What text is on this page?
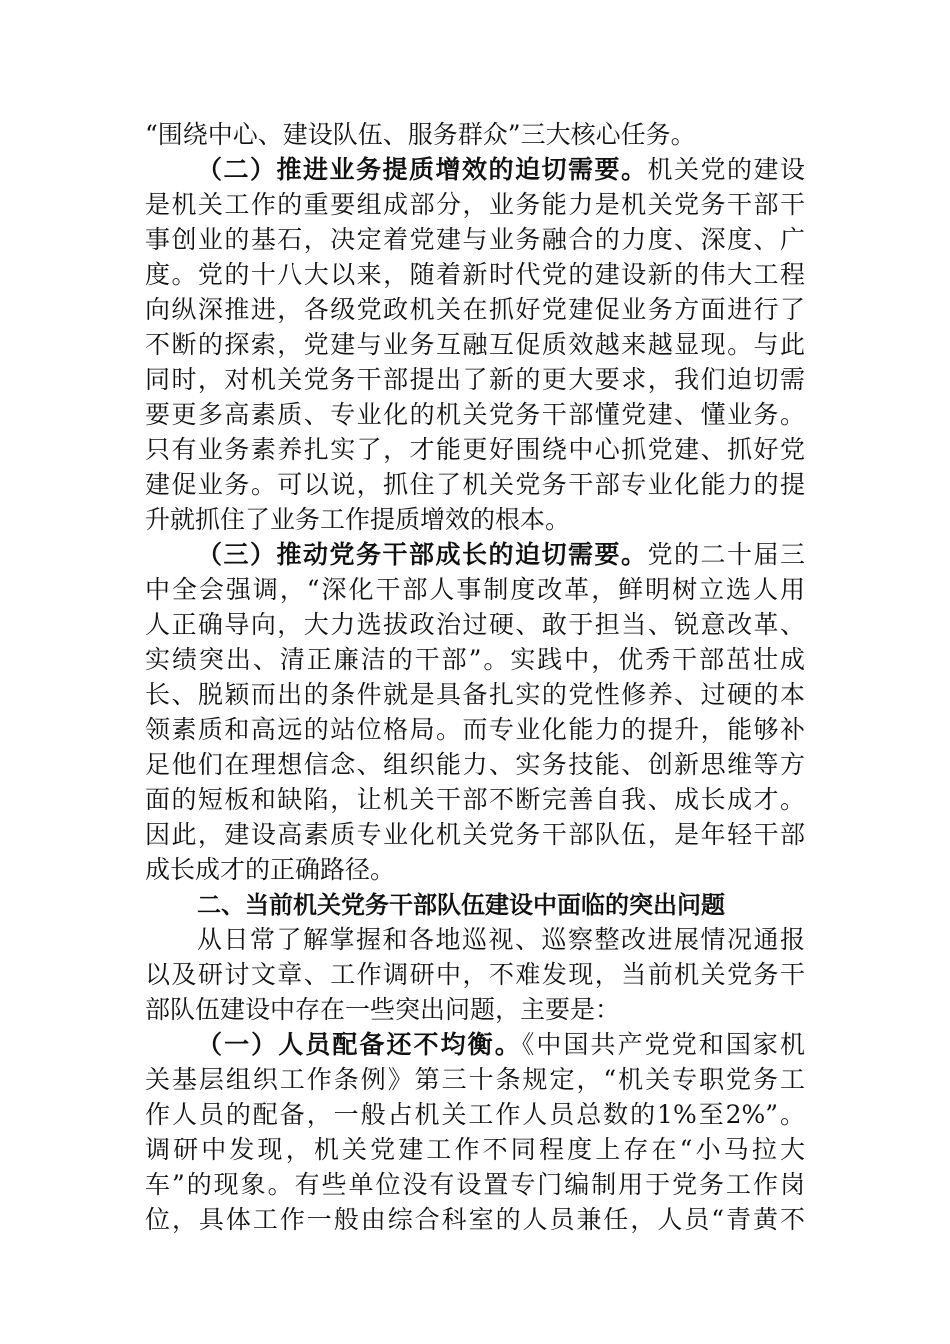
“围绕中心、建设队伍、服务群众”三大核心任务。
（二）推进业务提质增效的迫切需要。机关党的建设
是机关工作的重要组成部分，业务能力是机关党务干部干
事创业的基石，决定着党建与业务融合的力度、深度、广
度。党的十八大以来，随着新时代党的建设新的伟大工程
向纵深推进，各级党政机关在抓好党建促业务方面进行了
不断的探索，党建与业务互融互促质效越来越显现。与此
同时，对机关党务干部提出了新的更大要求，我们迫切需
要更多高素质、专业化的机关党务干部懂党建、懂业务。
只有业务素养扎实了，才能更好围绕中心抓党建、抓好党
建促业务。可以说，抓住了机关党务干部专业化能力的提
升就抓住了业务工作提质增效的根本。
（三）推动党务干部成长的迫切需要。党的二十届三
中全会强调，“深化干部人事制度改革，鲜明树立选人用
人正确导向，大力选拔政治过硬、敢于担当、锐意改革、
实绩突出、清正廉洁的干部”。实践中，优秀干部茁壮成
长、脱颖而出的条件就是具备扎实的党性修养、过硬的本
领素质和高远的站位格局。而专业化能力的提升，能够补
足他们在理想信念、组织能力、实务技能、创新思维等方
面的短板和缺陷，让机关干部不断完善自我、成长成才。
因此，建设高素质专业化机关党务干部队伍，是年轻干部
成长成才的正确路径。
二、当前机关党务干部队伍建设中面临的突出问题
从日常了解掌握和各地巡视、巡察整改进展情况通报
以及研讨文章、工作调研中，不难发现，当前机关党务干
部队伍建设中存在一些突出问题，主要是：
（一）人员配备还不均衡。《中国共产党党和国家机
关基层组织工作条例》第三十条规定，“机关专职党务工
作人员的配备，一般占机关工作人员总数的1%至2%”。
调研中发现，机关党建工作不同程度上存在“小马拉大
车”的现象。有些单位没有设置专门编制用于党务工作岗
位，具体工作一般由综合科室的人员兼任，人员“青黄不
